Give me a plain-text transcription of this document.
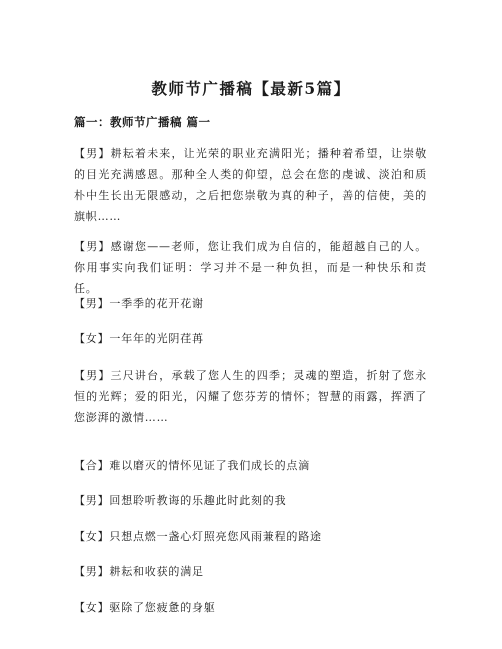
教师节广播稿【最新5篇】
篇一：教师节广播稿 篇一
【男】耕耘着未来，让光荣的职业充满阳光；播种着希望，让崇敬的目光充满感恩。那种全人类的仰望，总会在您的虔诚、淡泊和质朴中生长出无限感动，之后把您崇敬为真的种子，善的信使，美的旗帜……
【男】感谢您——老师，您让我们成为自信的，能超越自己的人。你用事实向我们证明：学习并不是一种负担，而是一种快乐和责任。
【男】一季季的花开花谢
【女】一年年的光阴荏苒
【男】三尺讲台，承载了您人生的四季；灵魂的塑造，折射了您永恒的光辉；爱的阳光，闪耀了您芬芳的情怀；智慧的雨露，挥洒了您澎湃的激情……
【合】难以磨灭的情怀见证了我们成长的点滴
【男】回想聆听教诲的乐趣此时此刻的我
【女】只想点燃一盏心灯照亮您风雨兼程的路途
【男】耕耘和收获的满足
【女】驱除了您疲惫的身躯
